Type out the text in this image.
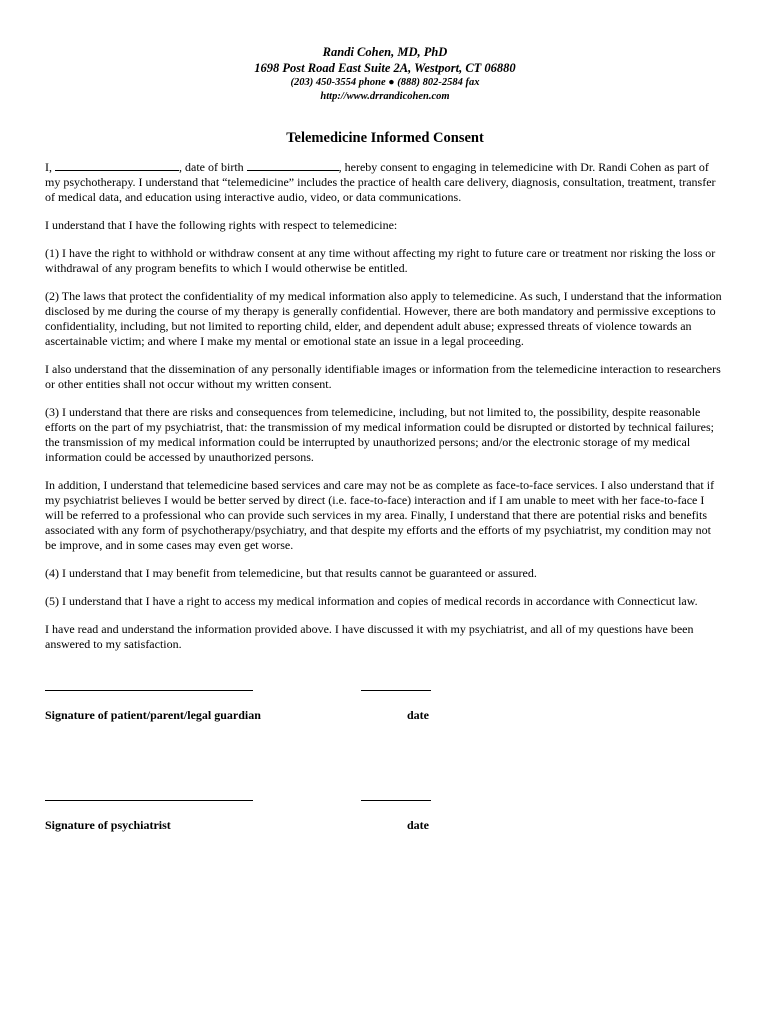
Randi Cohen, MD, PhD
1698 Post Road East Suite 2A, Westport, CT 06880
(203) 450-3554 phone ● (888) 802-2584 fax
http://www.drrandicohen.com
Telemedicine Informed Consent

I,	, date of birth	, hereby consent to engaging in telemedicine with Dr. Randi Cohen as part of my psychotherapy. I understand that “telemedicine” includes the practice of health care delivery, diagnosis, consultation, treatment, transfer of medical data, and education using interactive audio, video, or data communications.

I understand that I have the following rights with respect to telemedicine:

(1) I have the right to withhold or withdraw consent at any time without affecting my right to future care or treatment nor risking the loss or withdrawal of any program benefits to which I would otherwise be entitled.

(2) The laws that protect the confidentiality of my medical information also apply to telemedicine. As such, I understand that the information disclosed by me during the course of my therapy is generally confidential. However, there are both mandatory and permissive exceptions to confidentiality, including, but not limited to reporting child, elder, and dependent adult abuse; expressed threats of violence towards an ascertainable victim; and where I make my mental or emotional state an issue in a legal proceeding.

I also understand that the dissemination of any personally identifiable images or information from the telemedicine interaction to researchers or other entities shall not occur without my written consent.

(3) I understand that there are risks and consequences from telemedicine, including, but not limited to, the possibility, despite reasonable efforts on the part of my psychiatrist, that: the transmission of my medical information could be disrupted or distorted by technical failures; the transmission of my medical information could be interrupted by unauthorized persons; and/or the electronic storage of my medical information could be accessed by unauthorized persons.

In addition, I understand that telemedicine based services and care may not be as complete as face-to-face services. I also understand that if my psychiatrist believes I would be better served by direct (i.e. face-to-face) interaction and if I am unable to meet with her face-to-face I will be referred to a professional who can provide such services in my area. Finally, I understand that there are potential risks and benefits associated with any form of psychotherapy/psychiatry, and that despite my efforts and the efforts of my psychiatrist, my condition may not be improve, and in some cases may even get worse.

(4) I understand that I may benefit from telemedicine, but that results cannot be guaranteed or assured.

(5) I understand that I have a right to access my medical information and copies of medical records in accordance with Connecticut law.

I have read and understand the information provided above. I have discussed it with my psychiatrist, and all of my questions have been answered to my satisfaction.

Signature of patient/parent/legal guardian	date
Signature of psychiatrist	date
